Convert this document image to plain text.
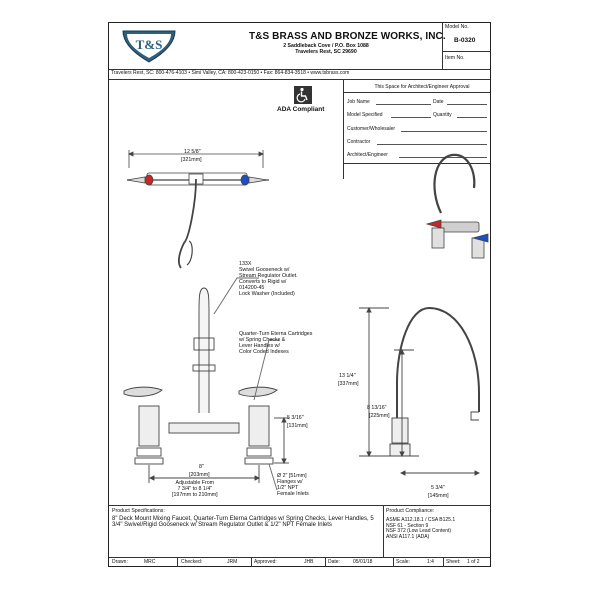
T&S
T&S BRASS AND BRONZE WORKS, INC.
2 Saddleback Cove / P.O. Box 1088
Travelers Rest, SC 29690
Travelers Rest, SC: 800-476-4103 • Simi Valley, CA: 800-423-0150 • Fax: 864-834-3518 • www.tsbrass.com
Model No.
B-0320
Item No.
ADA Compliant
This Space for Architect/Engineer Approval
Job Name	Date
Model Specified	Quantity
Customer/Wholesaler
Contractor
Architect/Engineer
12 5/8"
[321mm]
133X
Swivel Gooseneck w/
Stream Regulator Outlet.
Converts to Rigid w/
014200-45
Lock Washer (Included)
Quarter-Turn Eterna Cartridges
w/ Spring Checks &
Lever Handles w/
Color Coded Indexes
13 1/4"
[337mm]
8 13/16"
[225mm]
5 3/16"
[131mm]
8"
[203mm]
Adjustable From
7 3/4" to 8 1/4"
[197mm to 210mm]
Ø 2" [51mm]
Flanges w/
1/2" NPT
Female Inlets
5 3/4"
[145mm]
Product Specifications:
8" Deck Mount Mixing Faucet, Quarter-Turn Eterna Cartridges w/ Spring Checks, Lever Handles, 5 3/4" Swivel/Rigid Gooseneck w/ Stream Regulator Outlet & 1/2" NPT Female Inlets
Product Compliance:
ASME A112.18.1 / CSA B125.1
NSF 61 - Section 9
NSF 372 (Low Lead Content)
ANSI A117.1 (ADA)
Drawn:	MRC	Checked:	JRM	Approved:	JHB	Date:	05/01/18	Scale:	1:4 Sheet: 1 of 2
